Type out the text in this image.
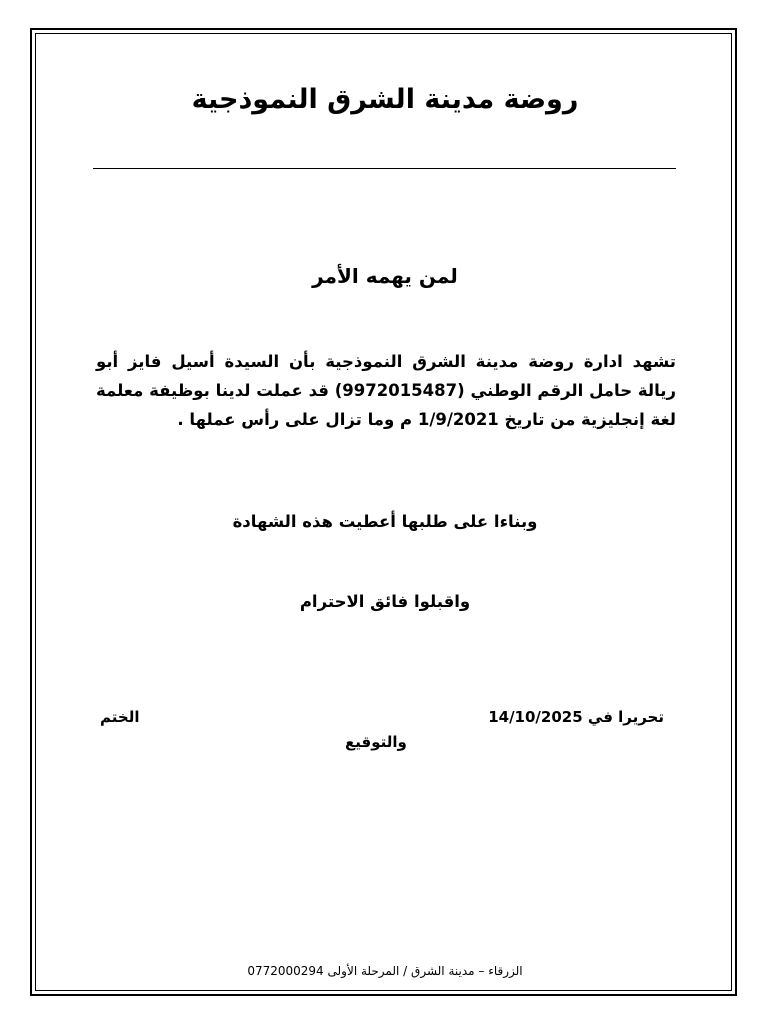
روضة مدينة الشرق النموذجية
لمن يهمه الأمر
تشهد ادارة روضة مدينة الشرق النموذجية بأن السيدة أسيل فايز أبو ريالة حامل الرقم الوطني (9972015487) قد عملت لدينا بوظيفة معلمة لغة إنجليزية من تاريخ 1/9/2021 م وما تزال على رأس عملها .
وبناءا على طلبها أعطيت هذه الشهادة
واقبلوا فائق الاحترام
تحريرا في 14/10/2025
الختم
والتوقيع
الزرقاء – مدينة الشرق / المرحلة الأولى 0772000294
